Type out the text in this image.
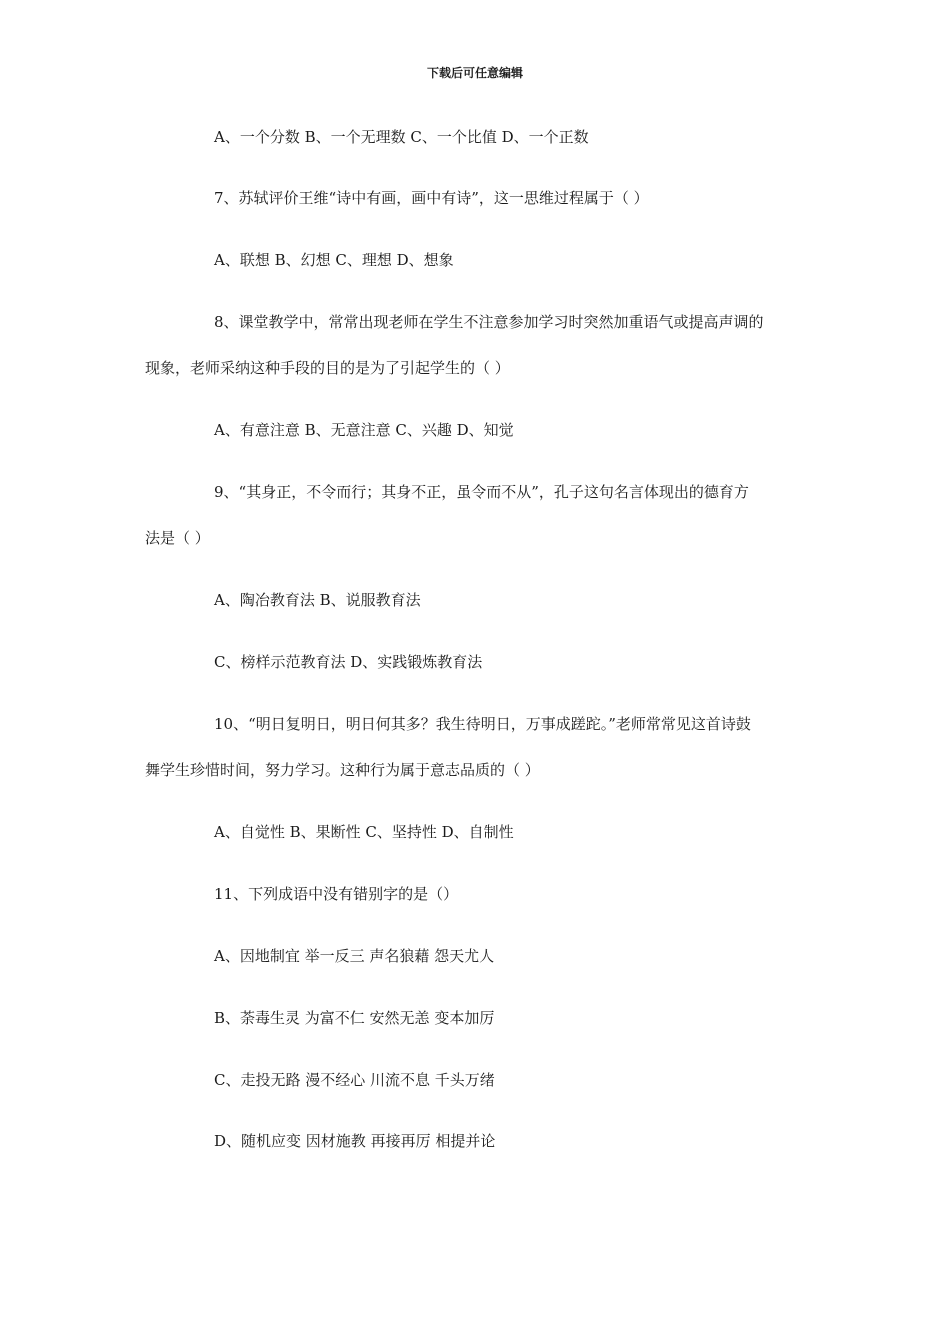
下载后可任意编辑
A、一个分数 B、一个无理数 C、一个比值 D、一个正数
7、苏轼评价王维“诗中有画，画中有诗”，这一思维过程属于（ ）
A、联想 B、幻想 C、理想 D、想象
8、课堂教学中，常常出现老师在学生不注意参加学习时突然加重语气或提高声调的
现象，老师采纳这种手段的目的是为了引起学生的（ ）
A、有意注意 B、无意注意 C、兴趣 D、知觉
9、“其身正，不令而行；其身不正，虽令而不从”，孔子这句名言体现出的德育方
法是（ ）
A、陶冶教育法 B、说服教育法
C、榜样示范教育法 D、实践锻炼教育法
10、“明日复明日，明日何其多？我生待明日，万事成蹉跎。”老师常常见这首诗鼓
舞学生珍惜时间，努力学习。这种行为属于意志品质的（ ）
A、自觉性 B、果断性 C、坚持性 D、自制性
11、下列成语中没有错别字的是（）
A、因地制宜 举一反三 声名狼藉 怨天尤人
B、荼毒生灵 为富不仁 安然无恙 变本加厉
C、走投无路 漫不经心 川流不息 千头万绪
D、随机应变 因材施教 再接再厉 相提并论
